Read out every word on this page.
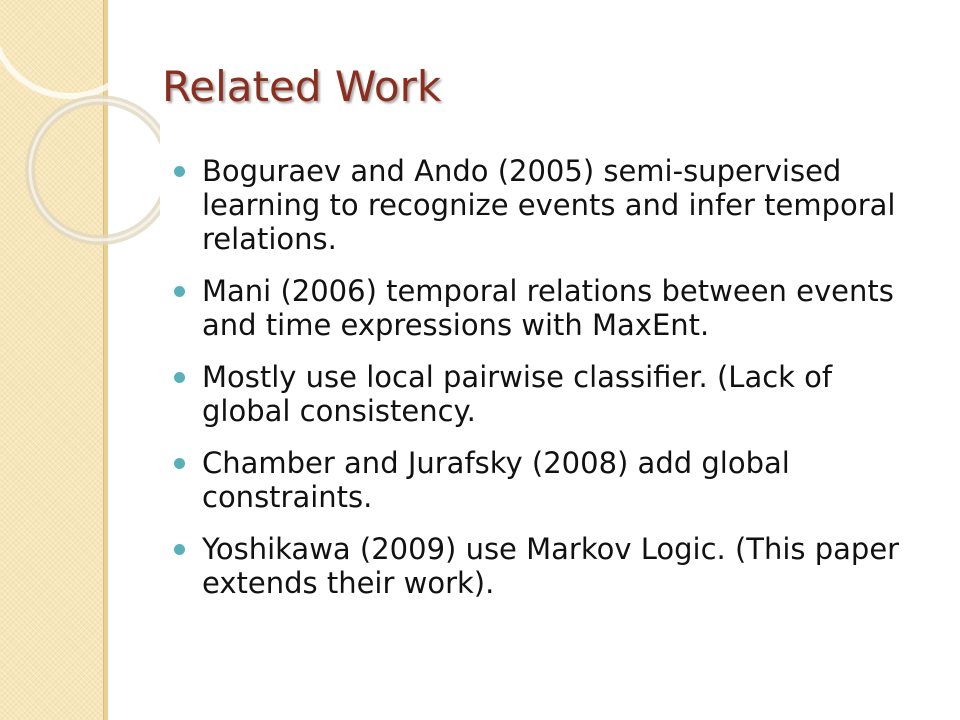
Related Work
Boguraev and Ando (2005) semi-supervised learning to recognize events and infer temporal relations.
Mani (2006) temporal relations between events and time expressions with MaxEnt.
Mostly use local pairwise classifier. (Lack of global consistency.
Chamber and Jurafsky (2008) add global constraints.
Yoshikawa (2009) use Markov Logic. (This paper extends their work).
